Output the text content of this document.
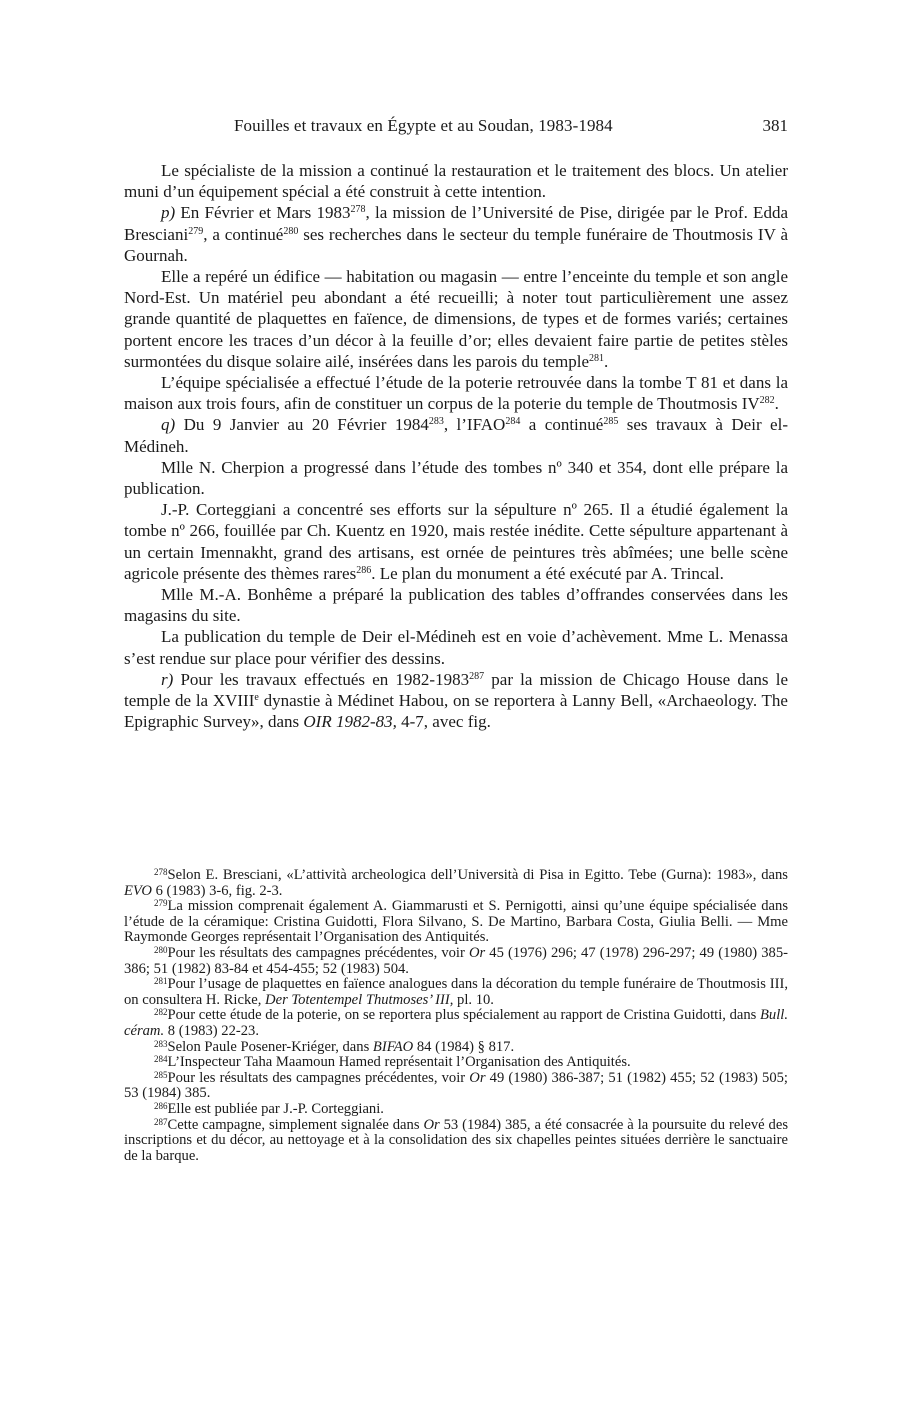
Fouilles et travaux en Égypte et au Soudan, 1983-1984	381

Le spécialiste de la mission a continué la restauration et le traitement des blocs. Un atelier muni d’un équipement spécial a été construit à cette intention.

p) En Février et Mars 1983$^{278}$, la mission de l’Université de Pise, dirigée par le Prof. Edda Bresciani$^{279}$, a continué$^{280}$ ses recherches dans le secteur du temple funéraire de Thoutmosis IV à Gournah.

Elle a repéré un édifice — habitation ou magasin — entre l’enceinte du temple et son angle Nord-Est. Un matériel peu abondant a été recueilli; à noter tout particulièrement une assez grande quantité de plaquettes en faïence, de dimensions, de types et de formes variés; certaines portent encore les traces d’un décor à la feuille d’or; elles devaient faire partie de petites stèles surmontées du disque solaire ailé, insérées dans les parois du temple$^{281}$.

L’équipe spécialisée a effectué l’étude de la poterie retrouvée dans la tombe T 81 et dans la maison aux trois fours, afin de constituer un corpus de la poterie du temple de Thoutmosis IV$^{282}$.

q) Du 9 Janvier au 20 Février 1984$^{283}$, l’IFAO$^{284}$ a continué$^{285}$ ses travaux à Deir el-Médineh.

Mlle N. Cherpion a progressé dans l’étude des tombes nº 340 et 354, dont elle prépare la publication.

J.-P. Corteggiani a concentré ses efforts sur la sépulture nº 265. Il a étudié également la tombe nº 266, fouillée par Ch. Kuentz en 1920, mais restée inédite. Cette sépulture appartenant à un certain Imennakht, grand des artisans, est ornée de peintures très abîmées; une belle scène agricole présente des thèmes rares$^{286}$. Le plan du monument a été exécuté par A. Trincal.

Mlle M.-A. Bonhême a préparé la publication des tables d’offrandes conservées dans les magasins du site.

La publication du temple de Deir el-Médineh est en voie d’achèvement. Mme L. Menassa s’est rendue sur place pour vérifier des dessins.

r) Pour les travaux effectués en 1982-1983$^{287}$ par la mission de Chicago House dans le temple de la XVIIIe dynastie à Médinet Habou, on se reportera à Lanny Bell, «Archaeology. The Epigraphic Survey», dans OIR 1982-83, 4-7, avec fig.

$^{278}$Selon E. Bresciani, «L’attività archeologica dell’Università di Pisa in Egitto. Tebe (Gurna): 1983», dans EVO 6 (1983) 3-6, fig. 2-3.

$^{279}$La mission comprenait également A. Giammarusti et S. Pernigotti, ainsi qu’une équipe spécialisée dans l’étude de la céramique: Cristina Guidotti, Flora Silvano, S. De Martino, Barbara Costa, Giulia Belli. — Mme Raymonde Georges représentait l’Organisation des Antiquités.

$^{280}$Pour les résultats des campagnes précédentes, voir Or 45 (1976) 296; 47 (1978) 296-297; 49 (1980) 385-386; 51 (1982) 83-84 et 454-455; 52 (1983) 504.

$^{281}$Pour l’usage de plaquettes en faïence analogues dans la décoration du temple funéraire de Thoutmosis III, on consultera H. Ricke, Der Totentempel Thutmoses’ III, pl. 10.

$^{282}$Pour cette étude de la poterie, on se reportera plus spécialement au rapport de Cristina Guidotti, dans Bull. céram. 8 (1983) 22-23.

$^{283}$Selon Paule Posener-Kriéger, dans BIFAO 84 (1984) § 817.

$^{284}$L’Inspecteur Taha Maamoun Hamed représentait l’Organisation des Antiquités.

$^{285}$Pour les résultats des campagnes précédentes, voir Or 49 (1980) 386-387; 51 (1982) 455; 52 (1983) 505; 53 (1984) 385.

$^{286}$Elle est publiée par J.-P. Corteggiani.

$^{287}$Cette campagne, simplement signalée dans Or 53 (1984) 385, a été consacrée à la poursuite du relevé des inscriptions et du décor, au nettoyage et à la consolidation des six chapelles peintes situées derrière le sanctuaire de la barque.
